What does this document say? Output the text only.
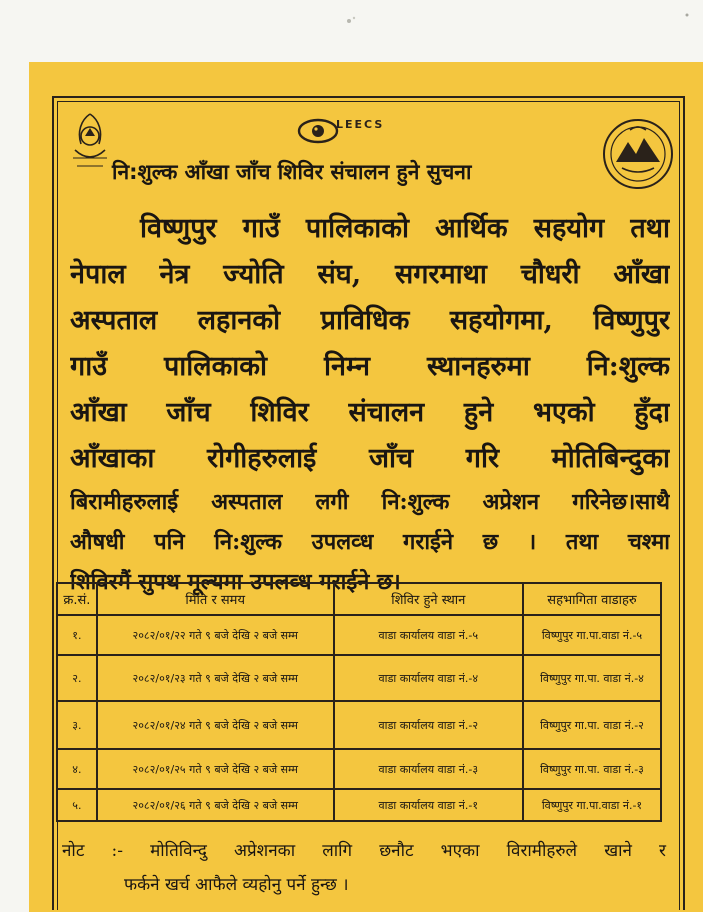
LEECS
नि:शुल्क आँखा जाँच शिविर संचालन हुने सुचना
विष्णुपुर गाउँ पालिकाको आर्थिक सहयोग तथा
नेपाल नेत्र ज्योति संघ, सगरमाथा चौधरी आँखा
अस्पताल लहानको प्राविधिक सहयोगमा, विष्णुपुर
गाउँ पालिकाको निम्न स्थानहरुमा नि:शुल्क
आँखा जाँच शिविर संचालन हुने भएको हुँदा
आँखाका रोगीहरुलाई जाँच गरि मोतिबिन्दुका
बिरामीहरुलाई अस्पताल लगी नि:शुल्क अप्रेशन गरिनेछ।साथै
औषधी पनि नि:शुल्क उपलव्ध गराईने छ । तथा चश्मा
शिविरमैं सुपथ मूल्यमा उपलव्ध गराईने छ।
क्र.सं.	मिति र समय	शिविर हुने स्थान	सहभागिता वाडाहरु
१.	२०८२/०१/२२ गते ९ बजे देखि २ बजे सम्म	वाडा कार्यालय वाडा नं.-५	विष्णुपुर गा.पा.वाडा नं.-५
२.	२०८२/०१/२३ गते ९ बजे देखि २ बजे सम्म	वाडा कार्यालय वाडा नं.-४	विष्णुपुर गा.पा. वाडा नं.-४
३.	२०८२/०१/२४ गते ९ बजे देखि २ बजे सम्म	वाडा कार्यालय वाडा नं.-२	विष्णुपुर गा.पा. वाडा नं.-२
४.	२०८२/०१/२५ गते ९ बजे देखि २ बजे सम्म	वाडा कार्यालय वाडा नं.-३	विष्णुपुर गा.पा. वाडा नं.-३
५.	२०८२/०१/२६ गते ९ बजे देखि २ बजे सम्म	वाडा कार्यालय वाडा नं.-१	विष्णुपुर गा.पा.वाडा नं.-१
नोट :- मोतिविन्दु अप्रेशनका लागि छनौट भएका विरामीहरुले खाने र
फर्कने खर्च आफैले व्यहोनु पर्ने हुन्छ ।
